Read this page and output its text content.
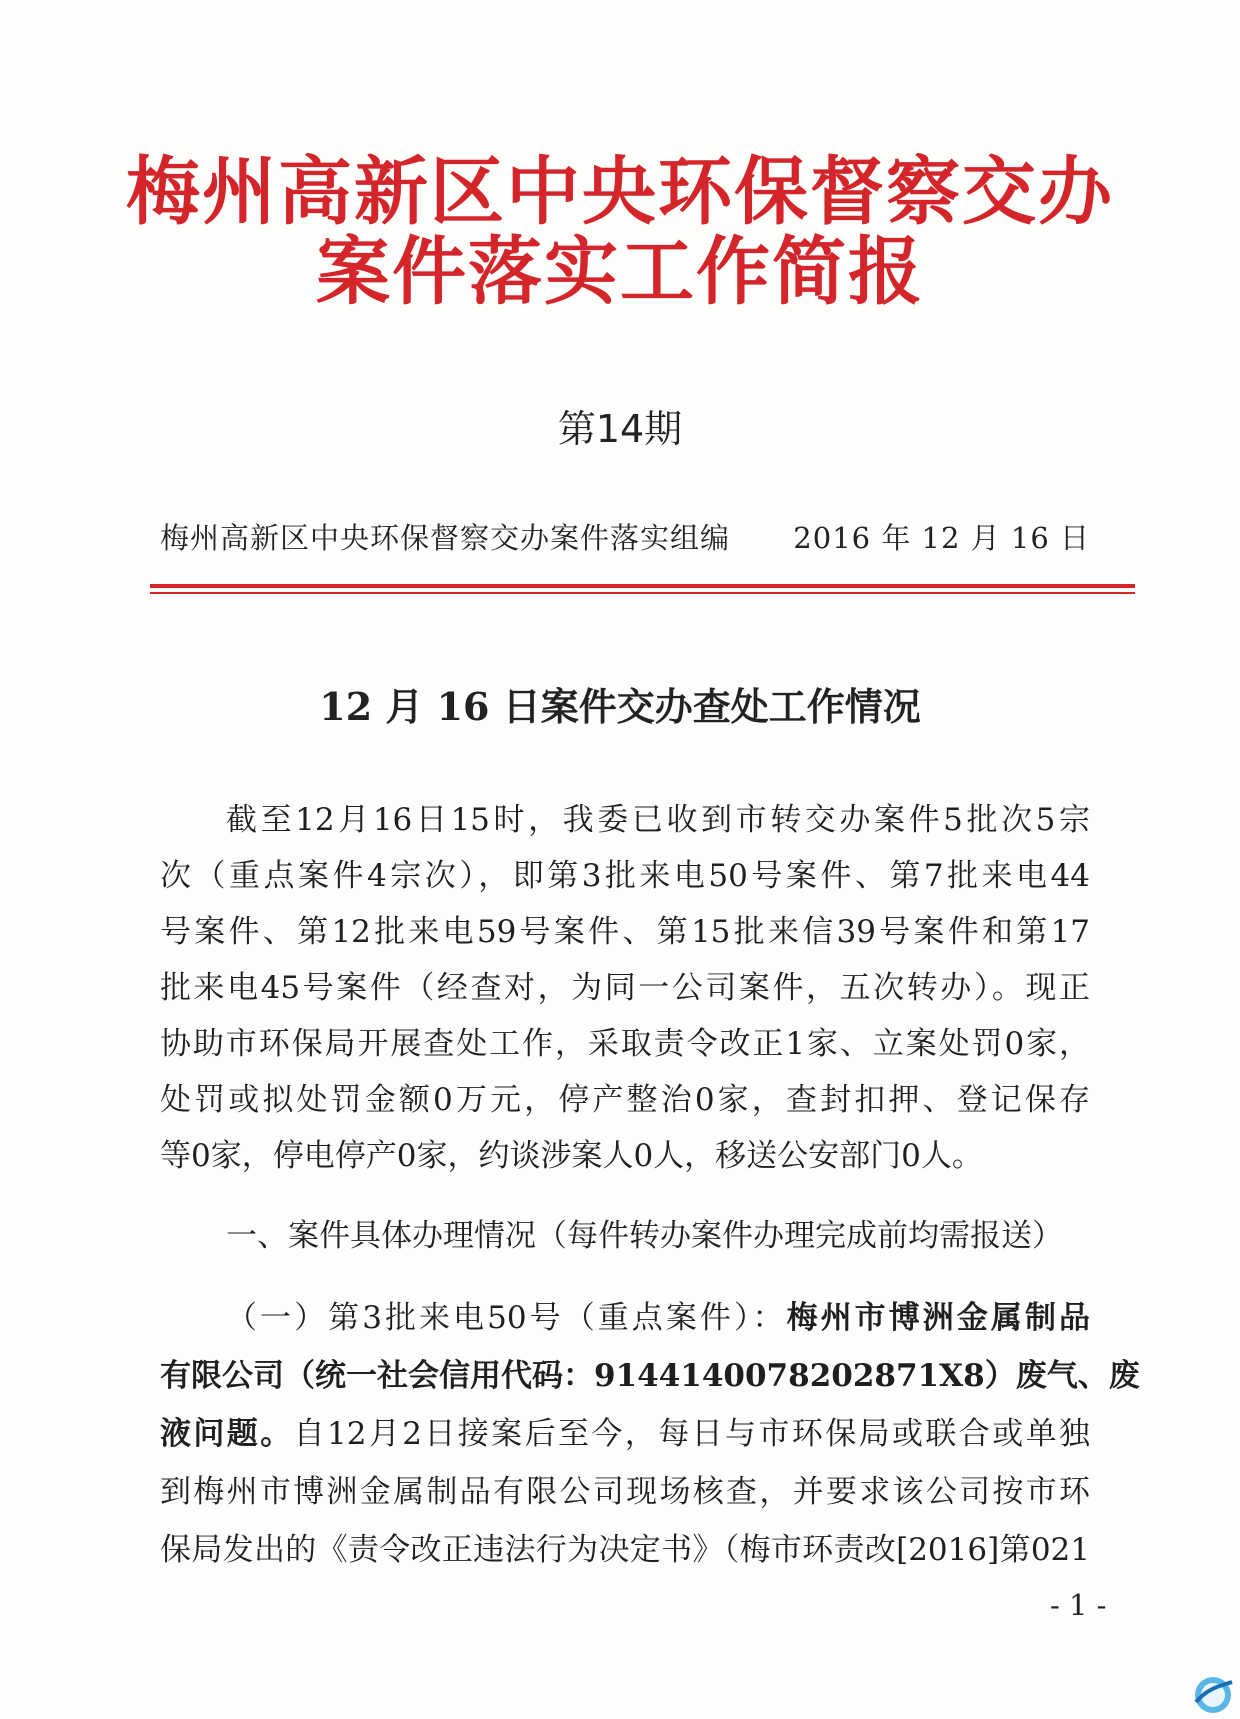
梅州高新区中央环保督察交办
案件落实工作简报
第14期
梅州高新区中央环保督察交办案件落实组编 2016 年 12 月 16 日
12 月 16 日案件交办查处工作情况
截至12月16日15时，我委已收到市转交办案件5批次5宗
次（重点案件4宗次），即第3批来电50号案件、第7批来电44
号案件、第12批来电59号案件、第15批来信39号案件和第17
批来电45号案件（经查对，为同一公司案件，五次转办）。现正
协助市环保局开展查处工作，采取责令改正1家、立案处罚0家，
处罚或拟处罚金额0万元，停产整治0家，查封扣押、登记保存
等0家，停电停产0家，约谈涉案人0人，移送公安部门0人。
一、案件具体办理情况（每件转办案件办理完成前均需报送）
（一）第3批来电50号（重点案件）：梅州市博洲金属制品
有限公司（统一社会信用代码：9144140078202871X8）废气、废
液问题。自12月2日接案后至今，每日与市环保局或联合或单独
到梅州市博洲金属制品有限公司现场核查，并要求该公司按市环
保局发出的《责令改正违法行为决定书》（梅市环责改[2016]第021
- 1 -
